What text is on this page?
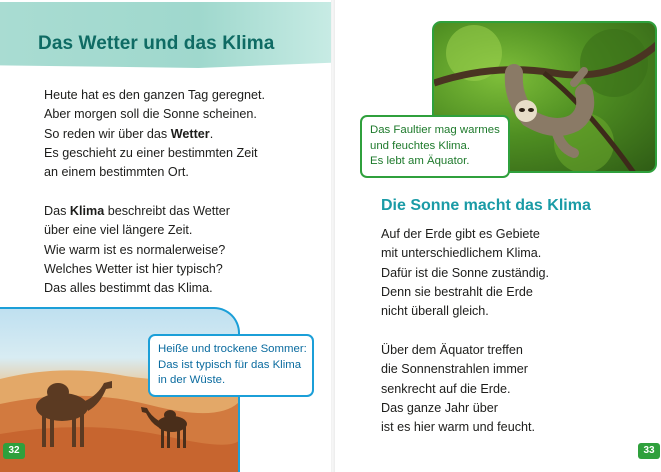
Das Wetter und das Klima

Heute hat es den ganzen Tag geregnet.

Aber morgen soll die Sonne scheinen.

So reden wir über das Wetter.

Es geschieht zu einer bestimmten Zeit

an einem bestimmten Ort.

Das Klima beschreibt das Wetter

über eine viel längere Zeit.

Wie warm ist es normalerweise?

Welches Wetter ist hier typisch?

Das alles bestimmt das Klima.

Heiße und trockene Sommer:
Das ist typisch für das Klima
in der Wüste.
32
Das Faultier mag warmes
und feuchtes Klima.
Es lebt am Äquator.
Die Sonne macht das Klima

Auf der Erde gibt es Gebiete

mit unterschiedlichem Klima.

Dafür ist die Sonne zuständig.

Denn sie bestrahlt die Erde

nicht überall gleich.

Über dem Äquator treffen

die Sonnenstrahlen immer

senkrecht auf die Erde.

Das ganze Jahr über

ist es hier warm und feucht.

33
